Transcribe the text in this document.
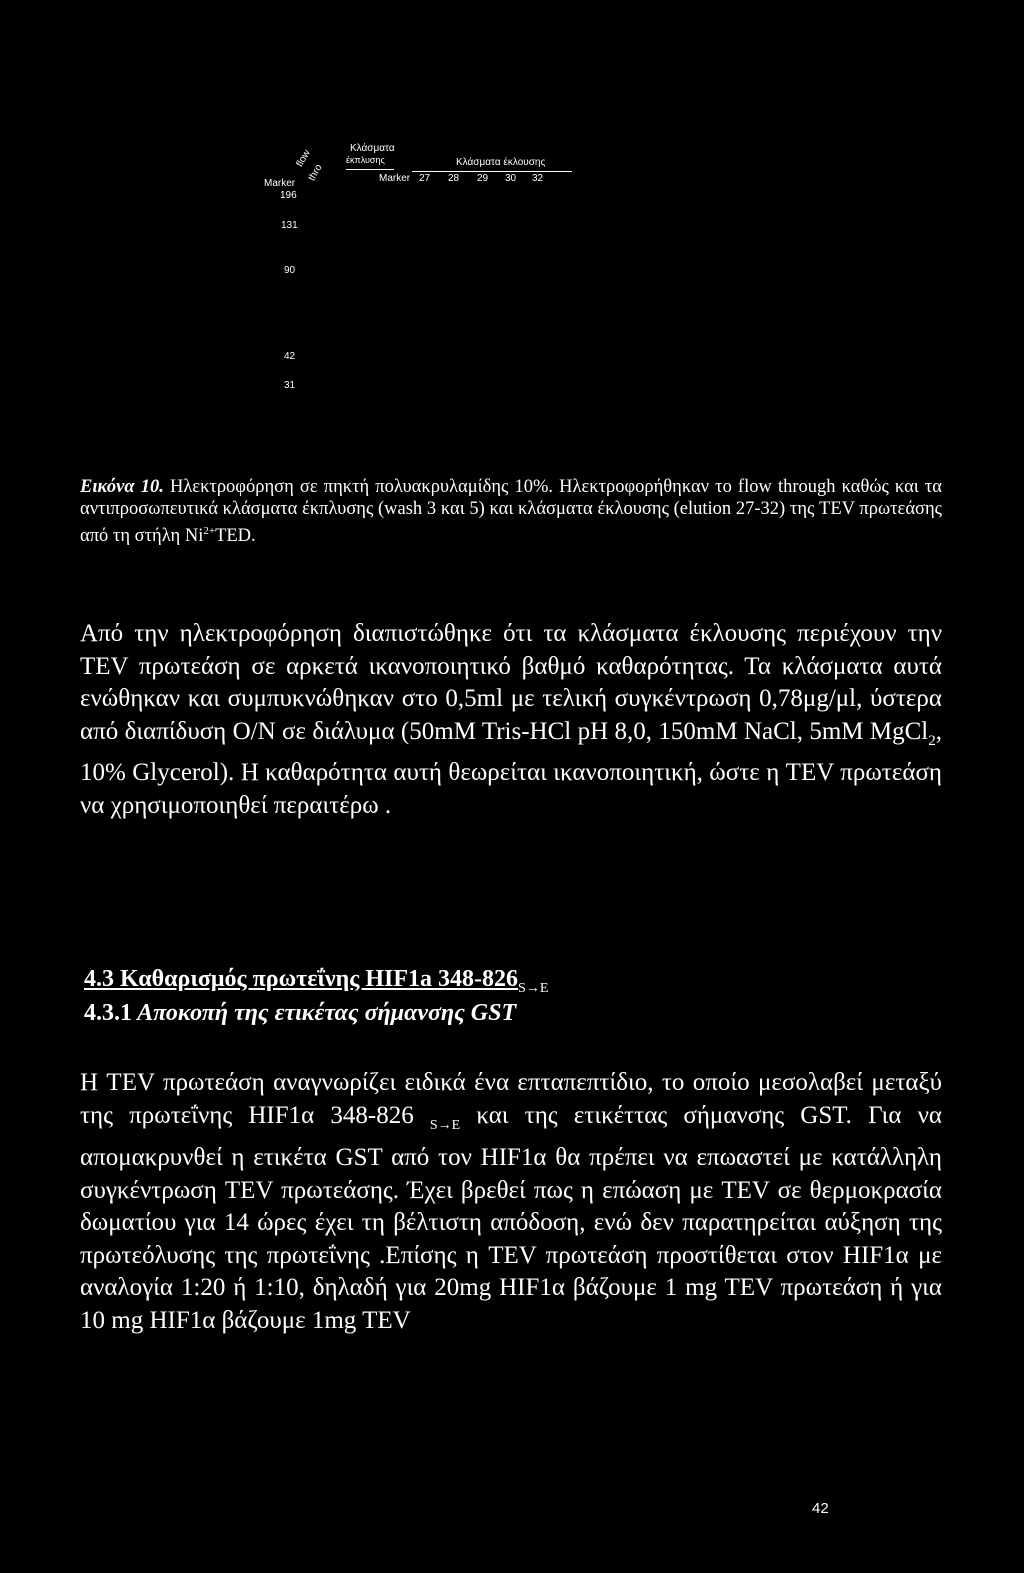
Κλάσματα
έκπλυσης	Κλάσματα έκλουσης
Marker
flow
thro	Marker 27 28 29 30 32
196
131
90
42
31
Εικόνα 10. Ηλεκτροφόρηση σε πηκτή πολυακρυλαμίδης 10%. Ηλεκτροφορήθηκαν το flow through καθώς και τα αντιπροσωπευτικά κλάσματα έκπλυσης (wash 3 και 5) και κλάσματα έκλουσης (elution 27-32) της TEV πρωτεάσης από τη στήλη $Ni^{2+}TED$.
Από την ηλεκτροφόρηση διαπιστώθηκε ότι τα κλάσματα έκλουσης περιέχουν την TEV πρωτεάση σε αρκετά ικανοποιητικό βαθμό καθαρότητας. Τα κλάσματα αυτά ενώθηκαν και συμπυκνώθηκαν στο 0,5ml με τελική συγκέντρωση 0,78μg/μl, ύστερα από διαπίδυση O/N σε διάλυμα (50mM Tris-HCl pH 8,0, 150mM NaCl, 5mM MgCl$_2$, 10% Glycerol). Η καθαρότητα αυτή θεωρείται ικανοποιητική, ώστε η TEV πρωτεάση να χρησιμοποιηθεί περαιτέρω .
4.3 Καθαρισμός πρωτεΐνης HIF1a $348-826_{S\to E}$
4.3.1 Αποκοπή της ετικέτας σήμανσης GST
Η TEV πρωτεάση αναγνωρίζει ειδικά ένα επταπεπτίδιο, το οποίο μεσολαβεί μεταξύ της πρωτεΐνης HIF1α 348-826 $_{S\to E}$ και της ετικέττας σήμανσης GST. Για να απομακρυνθεί η ετικέτα GST από τον HIF1α θα πρέπει να επωαστεί με κατάλληλη συγκέντρωση TEV πρωτεάσης. Έχει βρεθεί πως η επώαση με TEV σε θερμοκρασία δωματίου για 14 ώρες έχει τη βέλτιστη απόδοση, ενώ δεν παρατηρείται αύξηση της πρωτεόλυσης της πρωτεΐνης .Επίσης η TEV πρωτεάση προστίθεται στον HIF1α με αναλογία 1:20 ή 1:10, δηλαδή για 20mg HIF1α βάζουμε 1 mg TEV πρωτεάση ή για 10 mg HIF1α βάζουμε 1mg TEV
42
